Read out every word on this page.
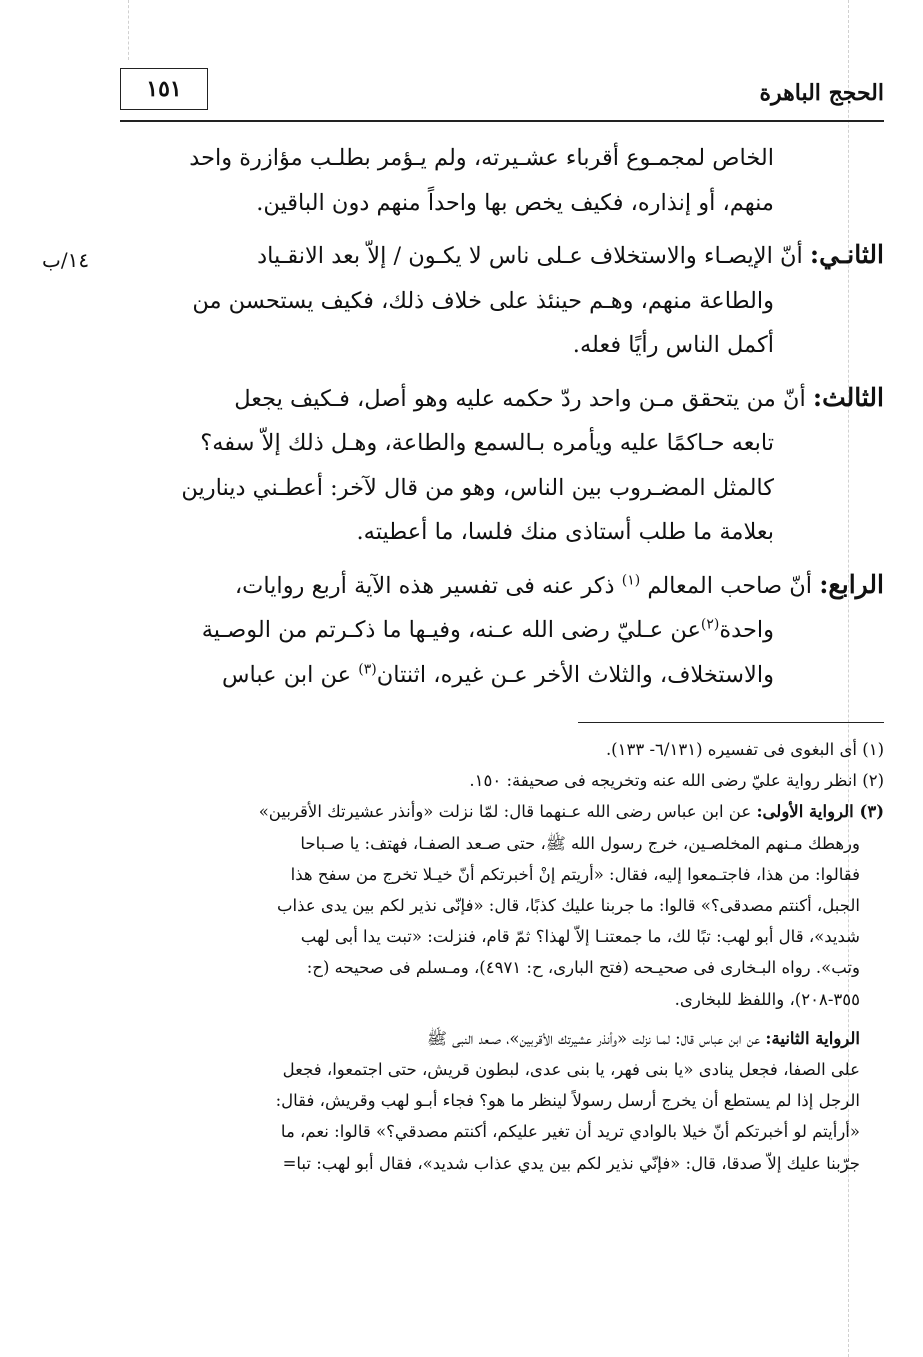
١٥١	الحجج الباهرة
١٤/ب

الخاص لمجمـوع أقرباء عشـيرته، ولم يـؤمر بطلـب مؤازرة واحد

منهم، أو إنذاره، فكيف يخص بها واحداً منهم دون الباقين.

الثانـي: أنّ الإيصـاء والاستخلاف عـلى ناس لا يكـون / إلاّ بعد الانقـياد

والطاعة منهم، وهـم حينئذ على خلاف ذلك، فكيف يستحسن من

أكمل الناس رأيًا فعله.

الثالث: أنّ من يتحقق مـن واحد ردّ حكمه عليه وهو أصل، فـكيف يجعل

تابعه حـاكمًا عليه ويأمره بـالسمع والطاعة، وهـل ذلك إلاّ سفه؟

كالمثل المضـروب بين الناس، وهو من قال لآخر: أعطـني دينارين

بعلامة ما طلب أستاذى منك فلسا، ما أعطيته.

الرابع: أنّ صاحب المعالم $^{(١)}$ ذكر عنه فى تفسير هذه الآية أربع روايات،

واحدة$^{(٢)}$عن عـليّ رضى الله عـنه، وفيـها ما ذكـرتم من الوصـية

والاستخلاف، والثلاث الأخر عـن غيره، اثنتان$^{(٣)}$ عن ابن عباس

(١) أى البغوى فى تفسيره (٦/١٣١- ١٣٣).

(٢) انظر رواية عليّ رضى الله عنه وتخريجه فى صحيفة: ١٥٠.

(٣) الرواية الأولى: عن ابن عباس رضى الله عـنهما قال: لمّا نزلت «وأنذر عشيرتك الأقربين»

ورهطك مـنهم المخلصـين، خرج رسول الله ﷺ، حتى صـعد الصفـا، فهتف: يا صـباحا

فقالوا: من هذا، فاجتـمعوا إليه، فقال: «أريتم إنْ أخبرتكم أنّ خيـلا تخرج من سفح هذا

الجبل، أكنتم مصدقى؟» قالوا: ما جربنا عليك كذبًا، قال: «فإنّى نذير لكم بين يدى عذاب

شديد»، قال أبو لهب: تبًا لك، ما جمعتنـا إلاّ لهذا؟ ثمّ قام، فنزلت: «تبت يدا أبى لهب

وتب». رواه البـخارى فى صحيـحه (فتح البارى، ح: ٤٩٧١)، ومـسلم فى صحيحه (ح:

٣٥٥-٢٠٨)، واللفظ للبخارى.

الرواية الثانية: عن ابن عباس قال: لمـا نزلت «وأنذر عشيرتك الأقربين»، صـعد النبى ﷺ

على الصفا، فجعل ينادى «يا بنى فهر، يا بنى عدى، لبطون قريش، حتى اجتمعوا، فجعل

الرجل إذا لم يستطع أن يخرج أرسل رسولاً لينظر ما هو؟ فجاء أبـو لهب وقريش، فقال:

«أرأيتم لو أخبرتكم أنّ خيلا بالوادي تريد أن تغير عليكم، أكنتم مصدقي؟» قالوا: نعم، ما

جرّبنا عليك إلاّ صدقا، قال: «فإنّي نذير لكم بين يدي عذاب شديد»، فقال أبو لهب: تبا=
